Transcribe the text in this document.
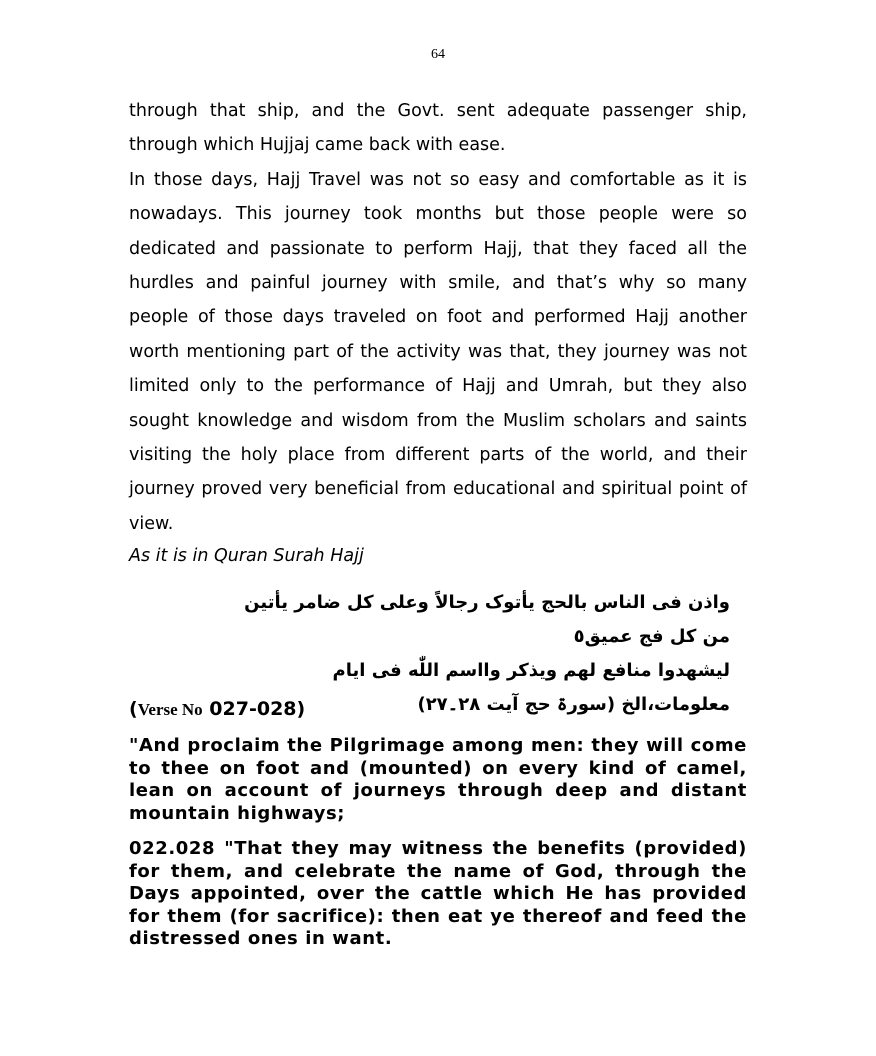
64

through that ship, and the Govt. sent adequate passenger ship, through which Hujjaj came back with ease.

In those days, Hajj Travel was not so easy and comfortable as it is nowadays. This journey took months but those people were so dedicated and passionate to perform Hajj, that they faced all the hurdles and painful journey with smile, and that’s why so many people of those days traveled on foot and performed Hajj another worth mentioning part of the activity was that, they journey was not limited only to the performance of Hajj and Umrah, but they also sought knowledge and wisdom from the Muslim scholars and saints visiting the holy place from different parts of the world, and their journey proved very beneficial from educational and spiritual point of view.

As it is in Quran Surah Hajj
واذن فی الناس بالحج یأتوک رجالاً وعلی کل ضامر یأتین من کل فج عمیق٥
لیشهدوا منافع لهم ویذکر وااسم اللّٰه فی ایام معلومات،الخ (سورۃ حج آیت ۲۸۔۲۷)
(Verse No 027-028)
"And proclaim the Pilgrimage among men: they will come to thee on foot and (mounted) on every kind of camel, lean on account of journeys through deep and distant mountain highways;
022.028 "That they may witness the benefits (provided) for them, and celebrate the name of God, through the Days appointed, over the cattle which He has provided for them (for sacrifice): then eat ye thereof and feed the distressed ones in want.
